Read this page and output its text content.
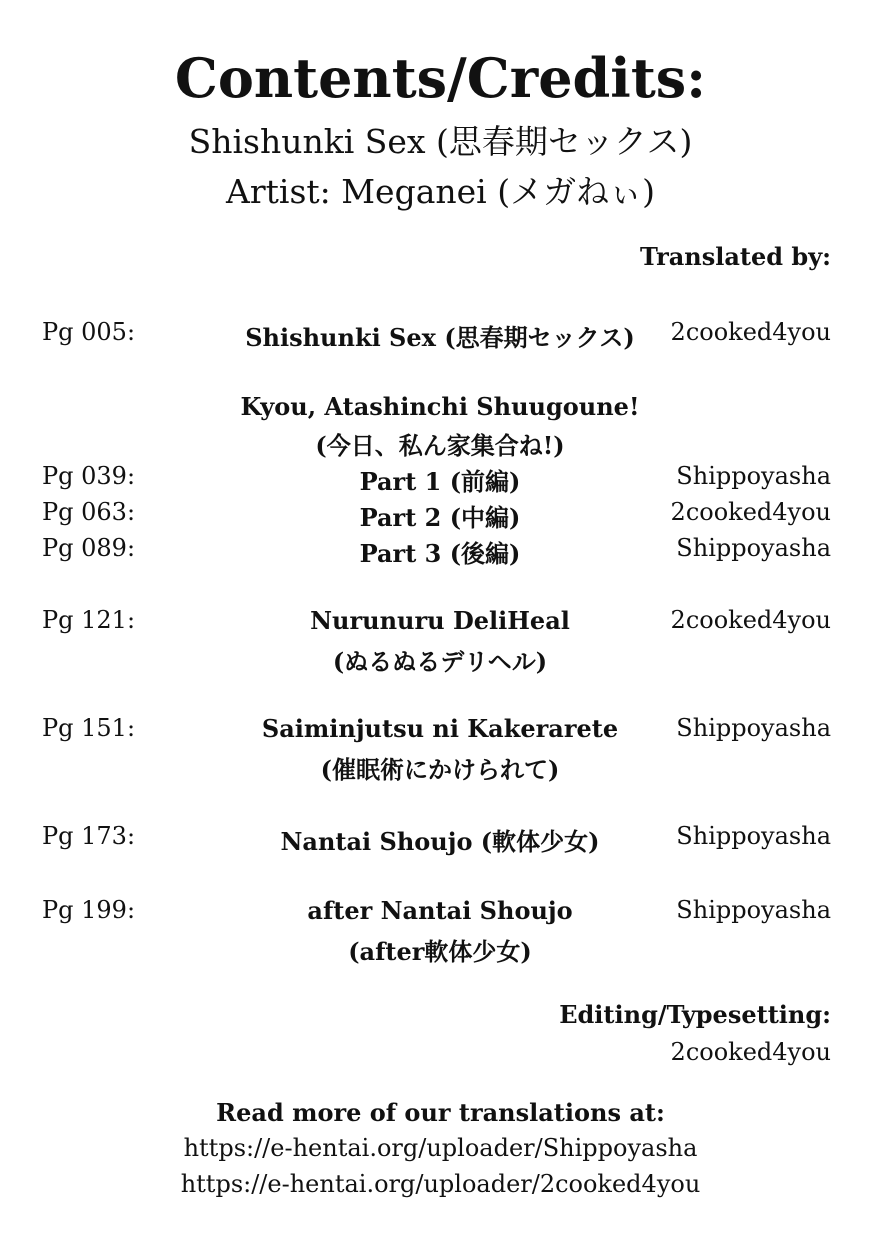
Contents/Credits:
Shishunki Sex (思春期セックス)
Artist: Meganei (メガねぃ)
Translated by:
Pg 005:	Shishunki Sex (思春期セックス)	2cooked4you
Kyou, Atashinchi Shuugoune!
(今日、私ん家集合ね!)
Pg 039:	Part 1 (前編)	Shippoyasha
Pg 063:	Part 2 (中編)	2cooked4you
Pg 089:	Part 3 (後編)	Shippoyasha
Pg 121:	Nurunuru DeliHeal	2cooked4you
(ぬるぬるデリヘル)
Pg 151:	Saiminjutsu ni Kakerarete	Shippoyasha
(催眠術にかけられて)
Pg 173:	Nantai Shoujo (軟体少女)	Shippoyasha
Pg 199:	after Nantai Shoujo	Shippoyasha
(after軟体少女)
Editing/Typesetting:
2cooked4you
Read more of our translations at:
https://e-hentai.org/uploader/Shippoyasha
https://e-hentai.org/uploader/2cooked4you
